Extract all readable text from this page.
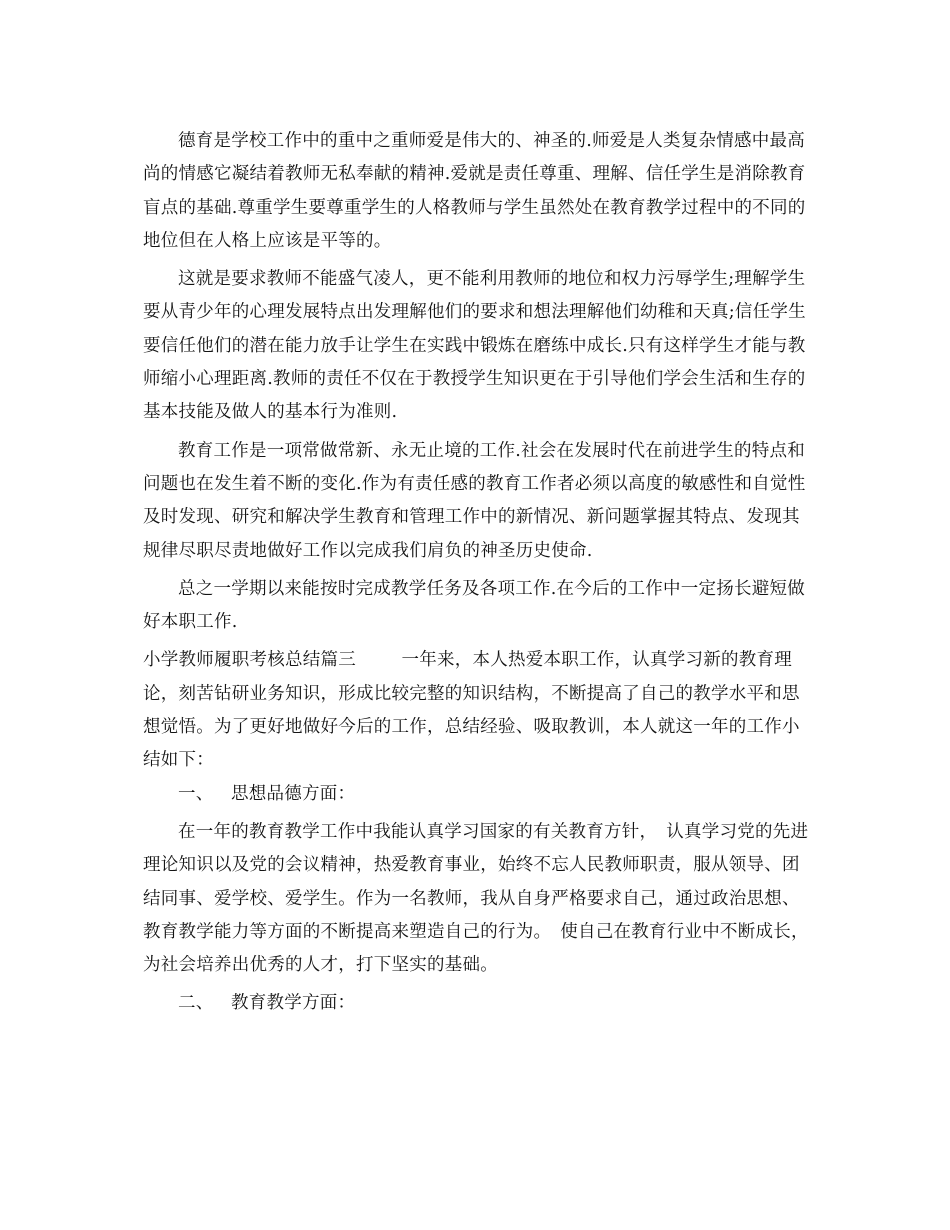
德育是学校工作中的重中之重师爱是伟大的、神圣的.师爱是人类复杂情感中最高尚的情感它凝结着教师无私奉献的精神.爱就是责任尊重、理解、信任学生是消除教育盲点的基础.尊重学生要尊重学生的人格教师与学生虽然处在教育教学过程中的不同的地位但在人格上应该是平等的。

这就是要求教师不能盛气凌人，更不能利用教师的地位和权力污辱学生;理解学生要从青少年的心理发展特点出发理解他们的要求和想法理解他们幼稚和天真;信任学生要信任他们的潜在能力放手让学生在实践中锻炼在磨练中成长.只有这样学生才能与教师缩小心理距离.教师的责任不仅在于教授学生知识更在于引导他们学会生活和生存的基本技能及做人的基本行为准则.

教育工作是一项常做常新、永无止境的工作.社会在发展时代在前进学生的特点和问题也在发生着不断的变化.作为有责任感的教育工作者必须以高度的敏感性和自觉性及时发现、研究和解决学生教育和管理工作中的新情况、新问题掌握其特点、发现其规律尽职尽责地做好工作以完成我们肩负的神圣历史使命.

总之一学期以来能按时完成教学任务及各项工作.在今后的工作中一定扬长避短做好本职工作.

小学教师履职考核总结篇三	一年来，本人热爱本职工作，认真学习新的教育理论，刻苦钻研业务知识，形成比较完整的知识结构，不断提高了自己的教学水平和思想觉悟。为了更好地做好今后的工作，总结经验、吸取教训，本人就这一年的工作小结如下：

一、 思想品德方面：

在一年的教育教学工作中我能认真学习国家的有关教育方针，　认真学习党的先进理论知识以及党的会议精神，热爱教育事业，始终不忘人民教师职责，服从领导、团结同事、爱学校、爱学生。作为一名教师，我从自身严格要求自己，通过政治思想、教育教学能力等方面的不断提高来塑造自己的行为。　使自己在教育行业中不断成长，为社会培养出优秀的人才，打下坚实的基础。

二、 教育教学方面：
